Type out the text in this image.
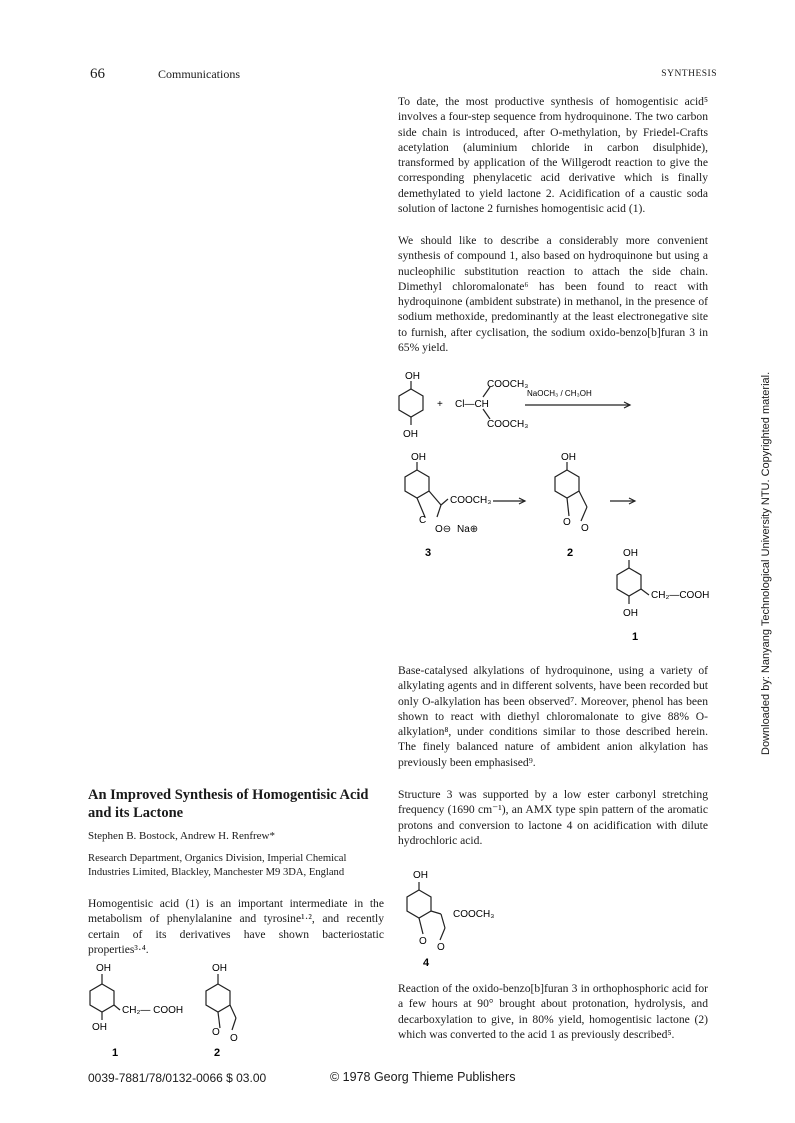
66	Communications	SYNTHESIS

To date, the most productive synthesis of homogentisic acid⁵ involves a four-step sequence from hydroquinone. The two carbon side chain is introduced, after O-methylation, by Friedel-Crafts acetylation (aluminium chloride in carbon disulphide), transformed by application of the Willgerodt reaction to give the corresponding phenylacetic acid derivative which is finally demethylated to yield lactone 2. Acidification of a caustic soda solution of lactone 2 furnishes homogentisic acid (1).

We should like to describe a considerably more convenient synthesis of compound 1, also based on hydroquinone but using a nucleophilic substitution reaction to attach the side chain. Dimethyl chloromalonate⁶ has been found to react with hydroquinone (ambident substrate) in methanol, in the presence of sodium methoxide, predominantly at the least electronegative site to furnish, after cyclisation, the sodium oxido-benzo[b]furan 3 in 65% yield.

OH
OH
+ Cl—CH
COOCH₃
COOCH₃
NaOCH₃ / CH₃OH
OH
COOCH₃
C
O⊖ Na⊕
OH
O
O
3	2	OH
CH₂—COOH
OH
1

Base-catalysed alkylations of hydroquinone, using a variety of alkylating agents and in different solvents, have been recorded but only O-alkylation has been observed⁷. Moreover, phenol has been shown to react with diethyl chloromalonate to give 88% O-alkylation⁸, under conditions similar to those described herein. The finely balanced nature of ambident anion alkylation has previously been emphasised⁹.

Structure 3 was supported by a low ester carbonyl stretching frequency (1690 cm⁻¹), an AMX type spin pattern of the aromatic protons and conversion to lactone 4 on acidification with dilute hydrochloric acid.

OH
COOCH₃
O
O
4

Reaction of the oxido-benzo[b]furan 3 in orthophosphoric acid for a few hours at 90° brought about protonation, hydrolysis, and decarboxylation to give, in 80% yield, homogentisic lactone (2) which was converted to the acid 1 as previously described⁵.

An Improved Synthesis of Homogentisic Acid and its Lactone
Stephen B. Bostock, Andrew H. Renfrew*
Research Department, Organics Division, Imperial Chemical Industries Limited, Blackley, Manchester M9 3DA, England

Homogentisic acid (1) is an important intermediate in the metabolism of phenylalanine and tyrosine¹·², and recently certain of its derivatives have shown bacteriostatic properties³·⁴.

OH
CH₂— COOH
OH
OH
O
O
1	2
0039-7881/78/0132-0066 $ 03.00	© 1978 Georg Thieme Publishers
Downloaded by: Nanyang Technological University NTU. Copyrighted material.
